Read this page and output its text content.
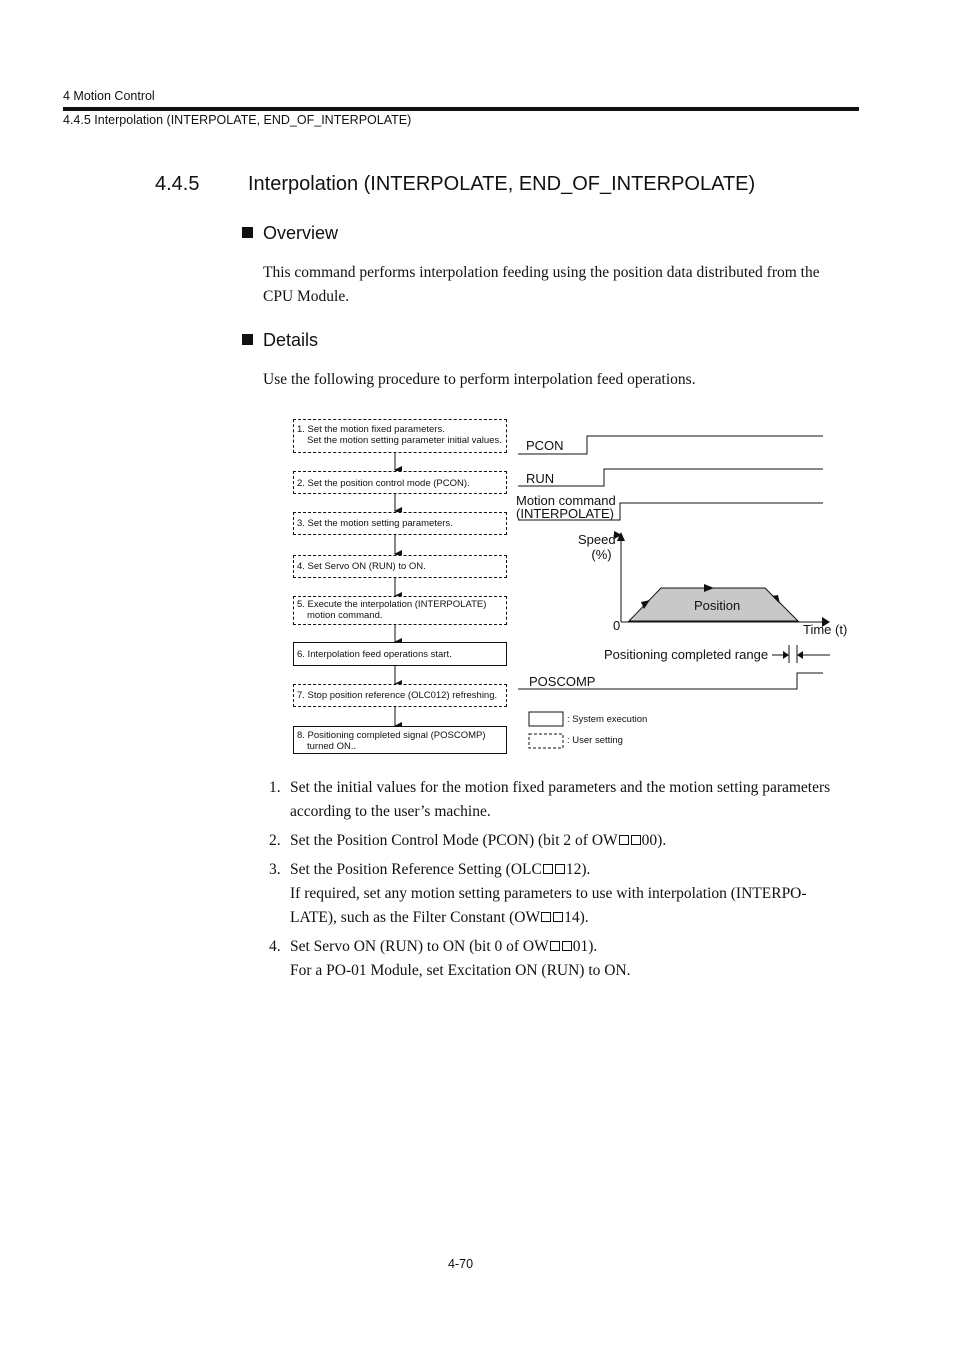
4 Motion Control
4.4.5 Interpolation (INTERPOLATE, END_OF_INTERPOLATE)
4.4.5 Interpolation (INTERPOLATE, END_OF_INTERPOLATE)
Overview
This command performs interpolation feeding using the position data distributed from the
CPU Module.
Details
Use the following procedure to perform interpolation feed operations.
1. Set the motion fixed parameters.
Set the motion setting parameter initial values.
2. Set the position control mode (PCON).
3. Set the motion setting parameters.
4. Set Servo ON (RUN) to ON.
5. Execute the interpolation (INTERPOLATE)
motion command.
6. Interpolation feed operations start.
7. Stop position reference (OLC012) refreshing.
8. Positioning completed signal (POSCOMP)
turned ON..
PCON
RUN
Motion command
(INTERPOLATE)
Speed
(%)
0
Position
Time (t)
Positioning completed range
POSCOMP
: System execution
: User setting
1. Set the initial values for the motion fixed parameters and the motion setting parameters
according to the user’s machine.
2. Set the Position Control Mode (PCON) (bit 2 of OW 00).
3. Set the Position Reference Setting (OLC 12).
If required, set any motion setting parameters to use with interpolation (INTERPO-
LATE), such as the Filter Constant (OW 14).
4. Set Servo ON (RUN) to ON (bit 0 of OW 01).
For a PO-01 Module, set Excitation ON (RUN) to ON.
4-70
